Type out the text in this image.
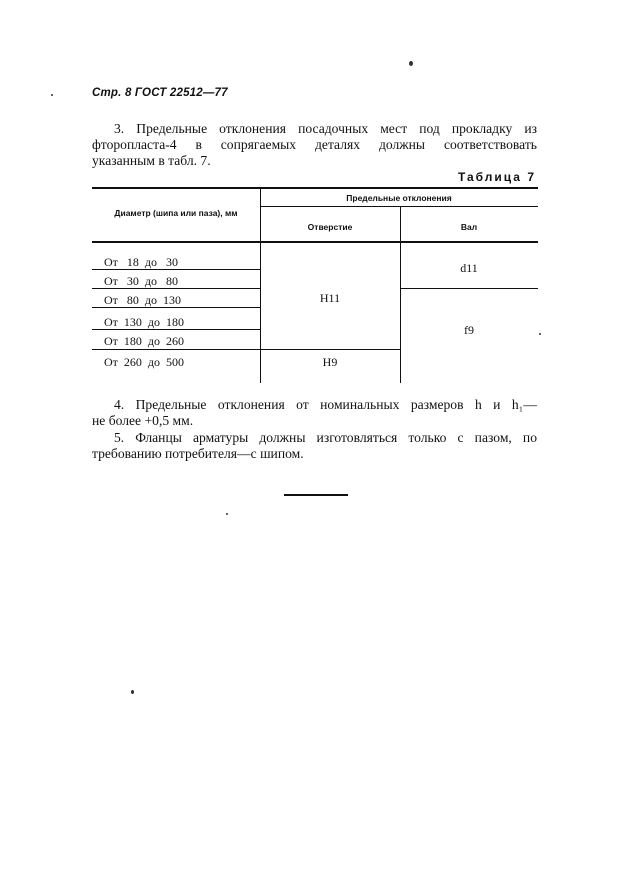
Стр. 8 ГОСТ 22512—77
3. Предельные отклонения посадочных мест под прокладку из
фторопласта-4 в сопрягаемых деталях должны соответствовать
указанным в табл. 7.
Таблица 7
Диаметр (шипа или паза), мм
Предельные отклонения
Отверстие	Вал
От   18  до   30
От   30  до   80
От   80  до  130
От  130  до  180
От  180  до  260
От  260  до  500
H11
H9
d11
f9
4. Предельные отклонения от номинальных размеров h и h₁—
не более +0,5 мм.
5. Фланцы арматуры должны изготовляться только с пазом, по
требованию потребителя—с шипом.
